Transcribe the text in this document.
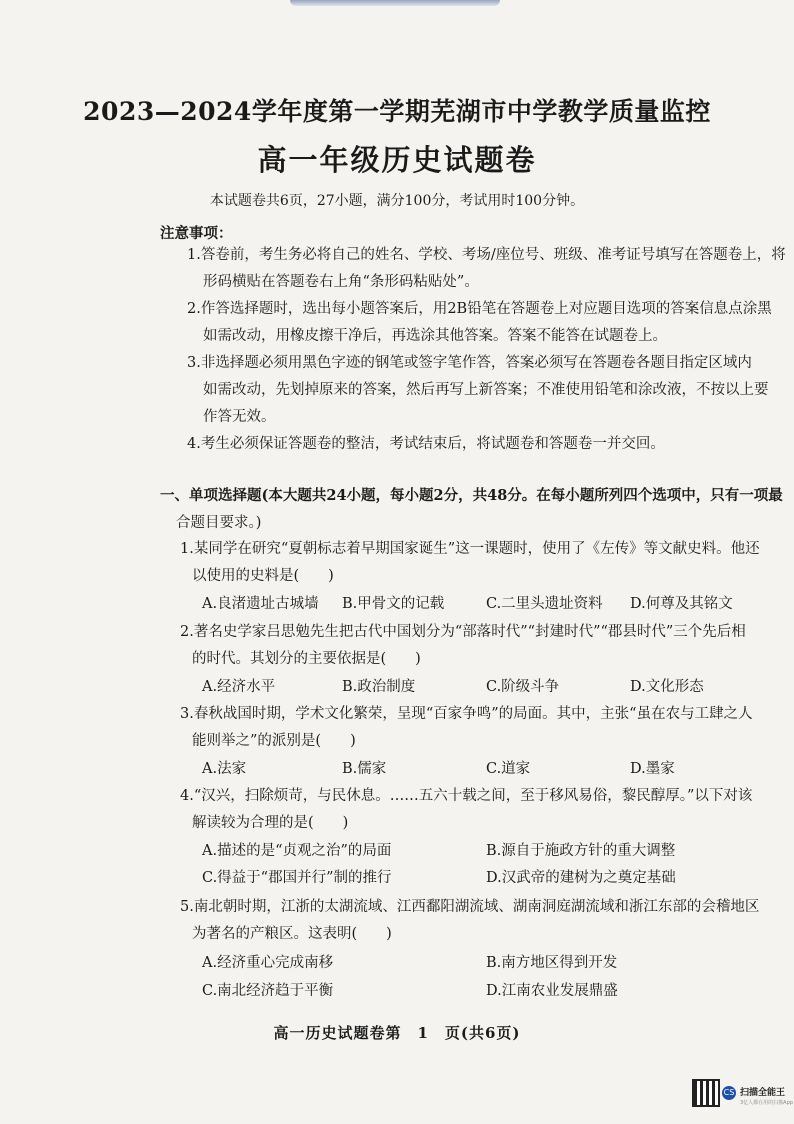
2023—2024学年度第一学期芜湖市中学教学质量监控
高一年级历史试题卷
本试题卷共6页，27小题，满分100分，考试用时100分钟。
注意事项：
1.答卷前，考生务必将自己的姓名、学校、考场/座位号、班级、准考证号填写在答题卷上，将
形码横贴在答题卷右上角“条形码粘贴处”。
2.作答选择题时，选出每小题答案后，用2B铅笔在答题卷上对应题目选项的答案信息点涂黑
如需改动，用橡皮擦干净后，再选涂其他答案。答案不能答在试题卷上。
3.非选择题必须用黑色字迹的钢笔或签字笔作答，答案必须写在答题卷各题目指定区域内
如需改动，先划掉原来的答案，然后再写上新答案；不准使用铅笔和涂改液，不按以上要
作答无效。
4.考生必须保证答题卷的整洁，考试结束后，将试题卷和答题卷一并交回。
一、单项选择题(本大题共24小题，每小题2分，共48分。在每小题所列四个选项中，只有一项最
合题目要求。)
1.某同学在研究“夏朝标志着早期国家诞生”这一课题时，使用了《左传》等文献史料。他还
以使用的史料是(　　)
A.良渚遗址古城墙 B.甲骨文的记载	C.二里头遗址资料 D.何尊及其铭文
2.著名史学家吕思勉先生把古代中国划分为“部落时代”“封建时代”“郡县时代”三个先后相
的时代。其划分的主要依据是(　　)
A.经济水平	B.政治制度	C.阶级斗争	D.文化形态
3.春秋战国时期，学术文化繁荣，呈现“百家争鸣”的局面。其中，主张“虽在农与工肆之人
能则举之”的派别是(　　)
A.法家	B.儒家	C.道家	D.墨家
4.“汉兴，扫除烦苛，与民休息。……五六十载之间，至于移风易俗，黎民醇厚。”以下对该
解读较为合理的是(　　)
A.描述的是“贞观之治”的局面	B.源自于施政方针的重大调整
C.得益于“郡国并行”制的推行	D.汉武帝的建树为之奠定基础
5.南北朝时期，江浙的太湖流域、江西鄱阳湖流域、湖南洞庭湖流域和浙江东部的会稽地区
为著名的产粮区。这表明(　　)
A.经济重心完成南移	B.南方地区得到开发
C.南北经济趋于平衡	D.江南农业发展鼎盛
高一历史试题卷第　1　页(共6页)
CS 扫描全能王
3亿人都在用的扫描App
